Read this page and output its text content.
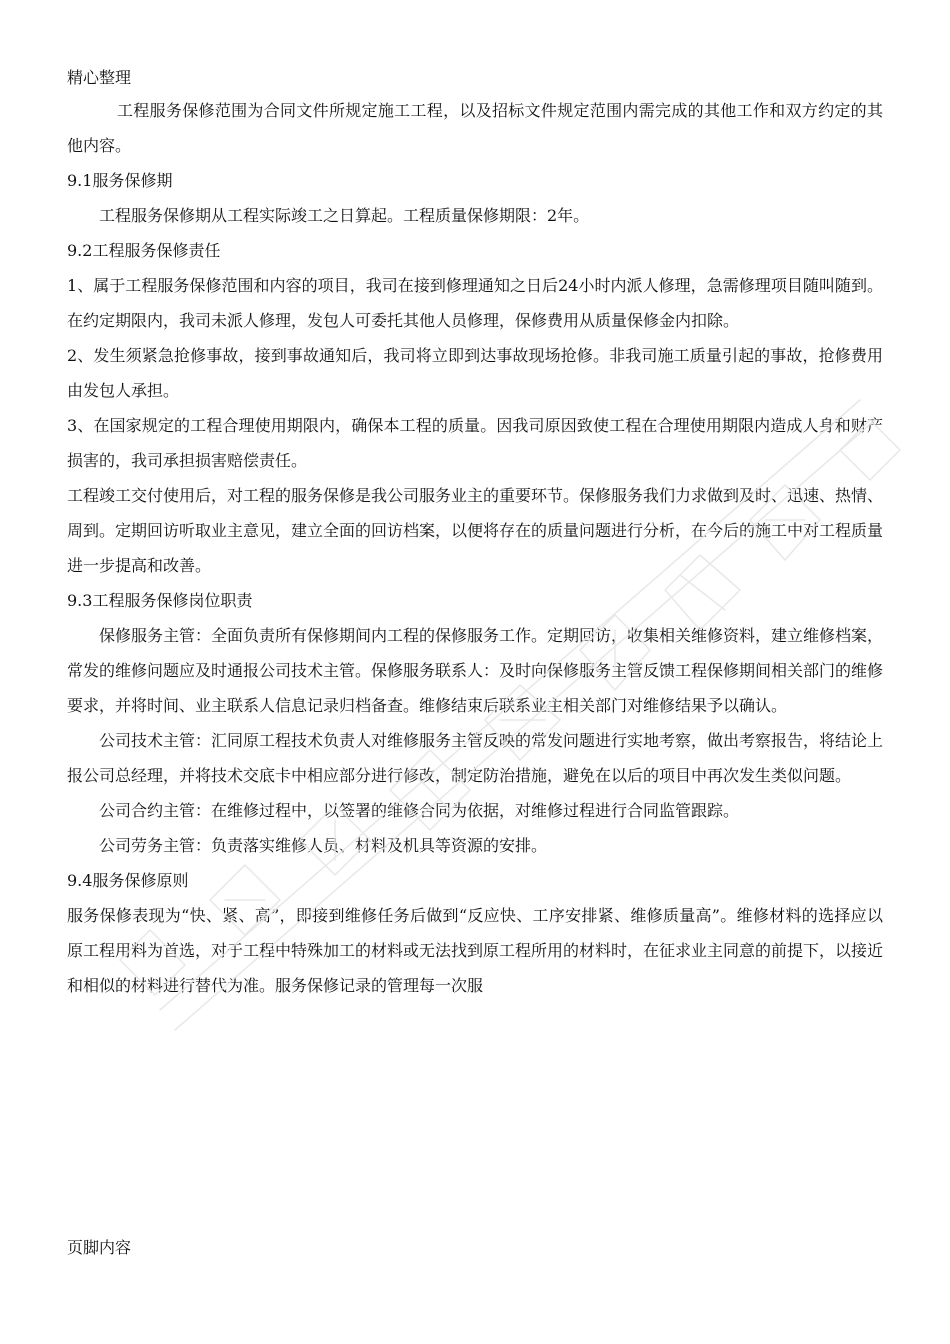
精心整理

工程服务保修范围为合同文件所规定施工工程，以及招标文件规定范围内需完成的其他工作和双方约定的其他内容。

9.1服务保修期

工程服务保修期从工程实际竣工之日算起。工程质量保修期限：2年。

9.2工程服务保修责任

1、属于工程服务保修范围和内容的项目，我司在接到修理通知之日后24小时内派人修理，急需修理项目随叫随到。在约定期限内，我司未派人修理，发包人可委托其他人员修理，保修费用从质量保修金内扣除。

2、发生须紧急抢修事故，接到事故通知后，我司将立即到达事故现场抢修。非我司施工质量引起的事故，抢修费用由发包人承担。

3、在国家规定的工程合理使用期限内，确保本工程的质量。因我司原因致使工程在合理使用期限内造成人身和财产损害的，我司承担损害赔偿责任。

工程竣工交付使用后，对工程的服务保修是我公司服务业主的重要环节。保修服务我们力求做到及时、迅速、热情、周到。定期回访听取业主意见，建立全面的回访档案，以便将存在的质量问题进行分析，在今后的施工中对工程质量进一步提高和改善。

9.3工程服务保修岗位职责

保修服务主管：全面负责所有保修期间内工程的保修服务工作。定期回访，收集相关维修资料，建立维修档案，常发的维修问题应及时通报公司技术主管。保修服务联系人：及时向保修服务主管反馈工程保修期间相关部门的维修要求，并将时间、业主联系人信息记录归档备查。维修结束后联系业主相关部门对维修结果予以确认。

公司技术主管：汇同原工程技术负责人对维修服务主管反映的常发问题进行实地考察，做出考察报告，将结论上报公司总经理，并将技术交底卡中相应部分进行修改，制定防治措施，避免在以后的项目中再次发生类似问题。

公司合约主管：在维修过程中，以签署的维修合同为依据，对维修过程进行合同监管跟踪。

公司劳务主管：负责落实维修人员、材料及机具等资源的安排。

9.4服务保修原则

服务保修表现为“快、紧、高”，即接到维修任务后做到“反应快、工序安排紧、维修质量高”。维修材料的选择应以原工程用料为首选，对于工程中特殊加工的材料或无法找到原工程所用的材料时，在征求业主同意的前提下，以接近和相似的材料进行替代为准。服务保修记录的管理每一次服

页脚内容
